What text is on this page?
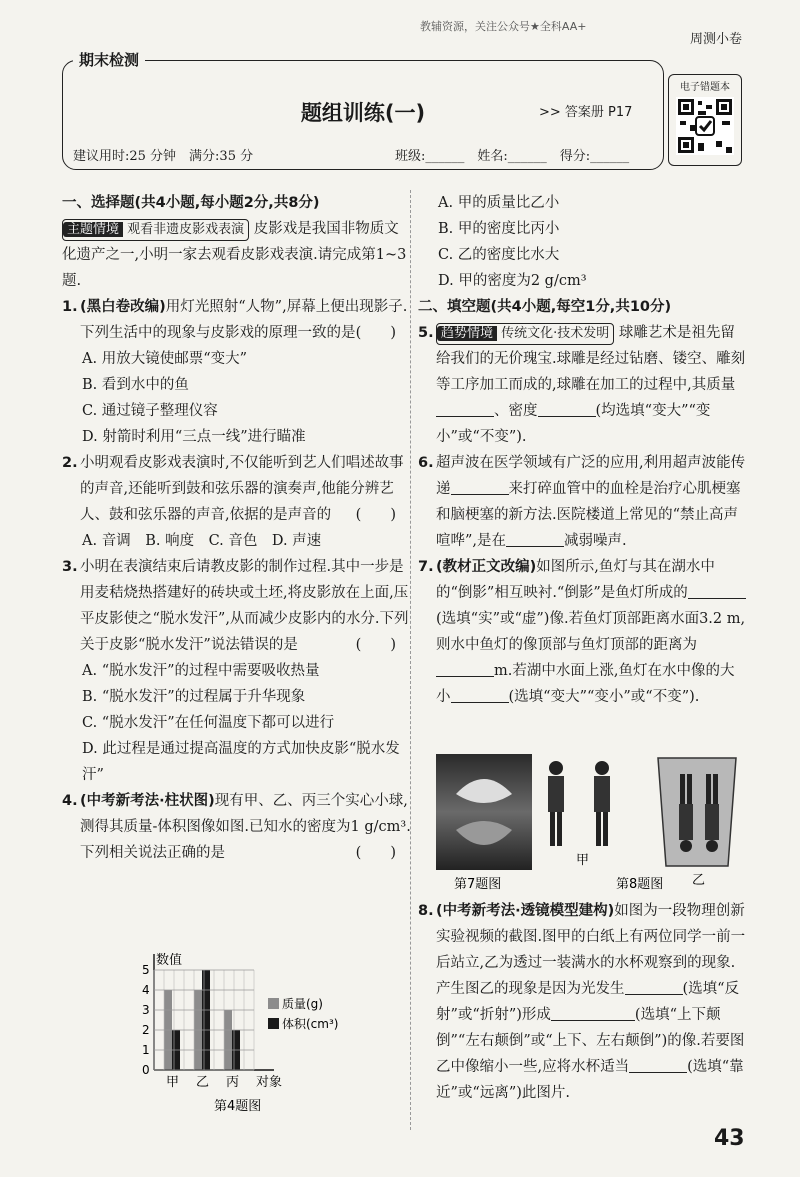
教辅资源，关注公众号★全科AA+
周测小卷
期末检测
题组训练(一)	>> 答案册 P17
建议用时:25 分钟　满分:35 分	班级:______　姓名:______　得分:______
电子错题本
一、选择题(共4小题,每小题2分,共8分)
主题情境 观看非遗皮影戏表演 皮影戏是我国非物质文化遗产之一,小明一家去观看皮影戏表演.请完成第1~3题.
1. (黑白卷改编)用灯光照射“人物”,屏幕上便出现影子.下列生活中的现象与皮影戏的原理一致的是 (　　)
A. 用放大镜使邮票“变大”
B. 看到水中的鱼
C. 通过镜子整理仪容
D. 射箭时利用“三点一线”进行瞄准
2. 小明观看皮影戏表演时,不仅能听到艺人们唱述故事的声音,还能听到鼓和弦乐器的演奏声,他能分辨艺人、鼓和弦乐器的声音,依据的是声音的 (　　)
A. 音调　B. 响度　C. 音色　D. 声速
3. 小明在表演结束后请教皮影的制作过程.其中一步是用麦秸烧热搭建好的砖块或土坯,将皮影放在上面,压平皮影使之“脱水发汗”,从而减少皮影内的水分.下列关于皮影“脱水发汗”说法错误的是	(　　)
A. “脱水发汗”的过程中需要吸收热量
B. “脱水发汗”的过程属于升华现象
C. “脱水发汗”在任何温度下都可以进行
D. 此过程是通过提高温度的方式加快皮影“脱水发汗”
4. (中考新考法·柱状图)现有甲、乙、丙三个实心小球,测得其质量-体积图像如图.已知水的密度为1 g/cm³.下列相关说法正确的是	(　　)
丙
乙
甲
5
4
3
2
1
0
数值
对象
第4题图
质量(g)
体积(cm³)
A. 甲的质量比乙小
B. 甲的密度比丙小
C. 乙的密度比水大
D. 甲的密度为2 g/cm³
二、填空题(共4小题,每空1分,共10分)
5. 趋势情境 传统文化·技术发明 球雕艺术是祖先留给我们的无价瑰宝.球雕是经过钻磨、镂空、雕刻等工序加工而成的,球雕在加工的过程中,其质量、密度	(均选填“变大”“变小”或“不变”).
6. 超声波在医学领域有广泛的应用,利用超声波能传递	来打碎血管中的血栓是治疗心肌梗塞和脑梗塞的新方法.医院楼道上常见的“禁止高声喧哗”,是在	减弱噪声.
7. (教材正文改编)如图所示,鱼灯与其在湖水中的“倒影”相互映衬.“倒影”是鱼灯所成的(选填“实”或“虚”)像.若鱼灯顶部距离水面3.2 m,则水中鱼灯的像顶部与鱼灯顶部的距离为m.若湖中水面上涨,鱼灯在水中像的大小	(选填“变大”“变小”或“不变”).
甲
乙
第7题图	第8题图
8. (中考新考法·透镜模型建构)如图为一段物理创新实验视频的截图.图甲的白纸上有两位同学一前一后站立,乙为透过一装满水的水杯观察到的现象.产生图乙的现象是因为光发生	(选填“反射”或“折射”)形成	(选填“上下颠倒”“左右颠倒”或“上下、左右颠倒”)的像.若要图乙中像缩小一些,应将水杯适当	(选填“靠近”或“远离”)此图片.
43
